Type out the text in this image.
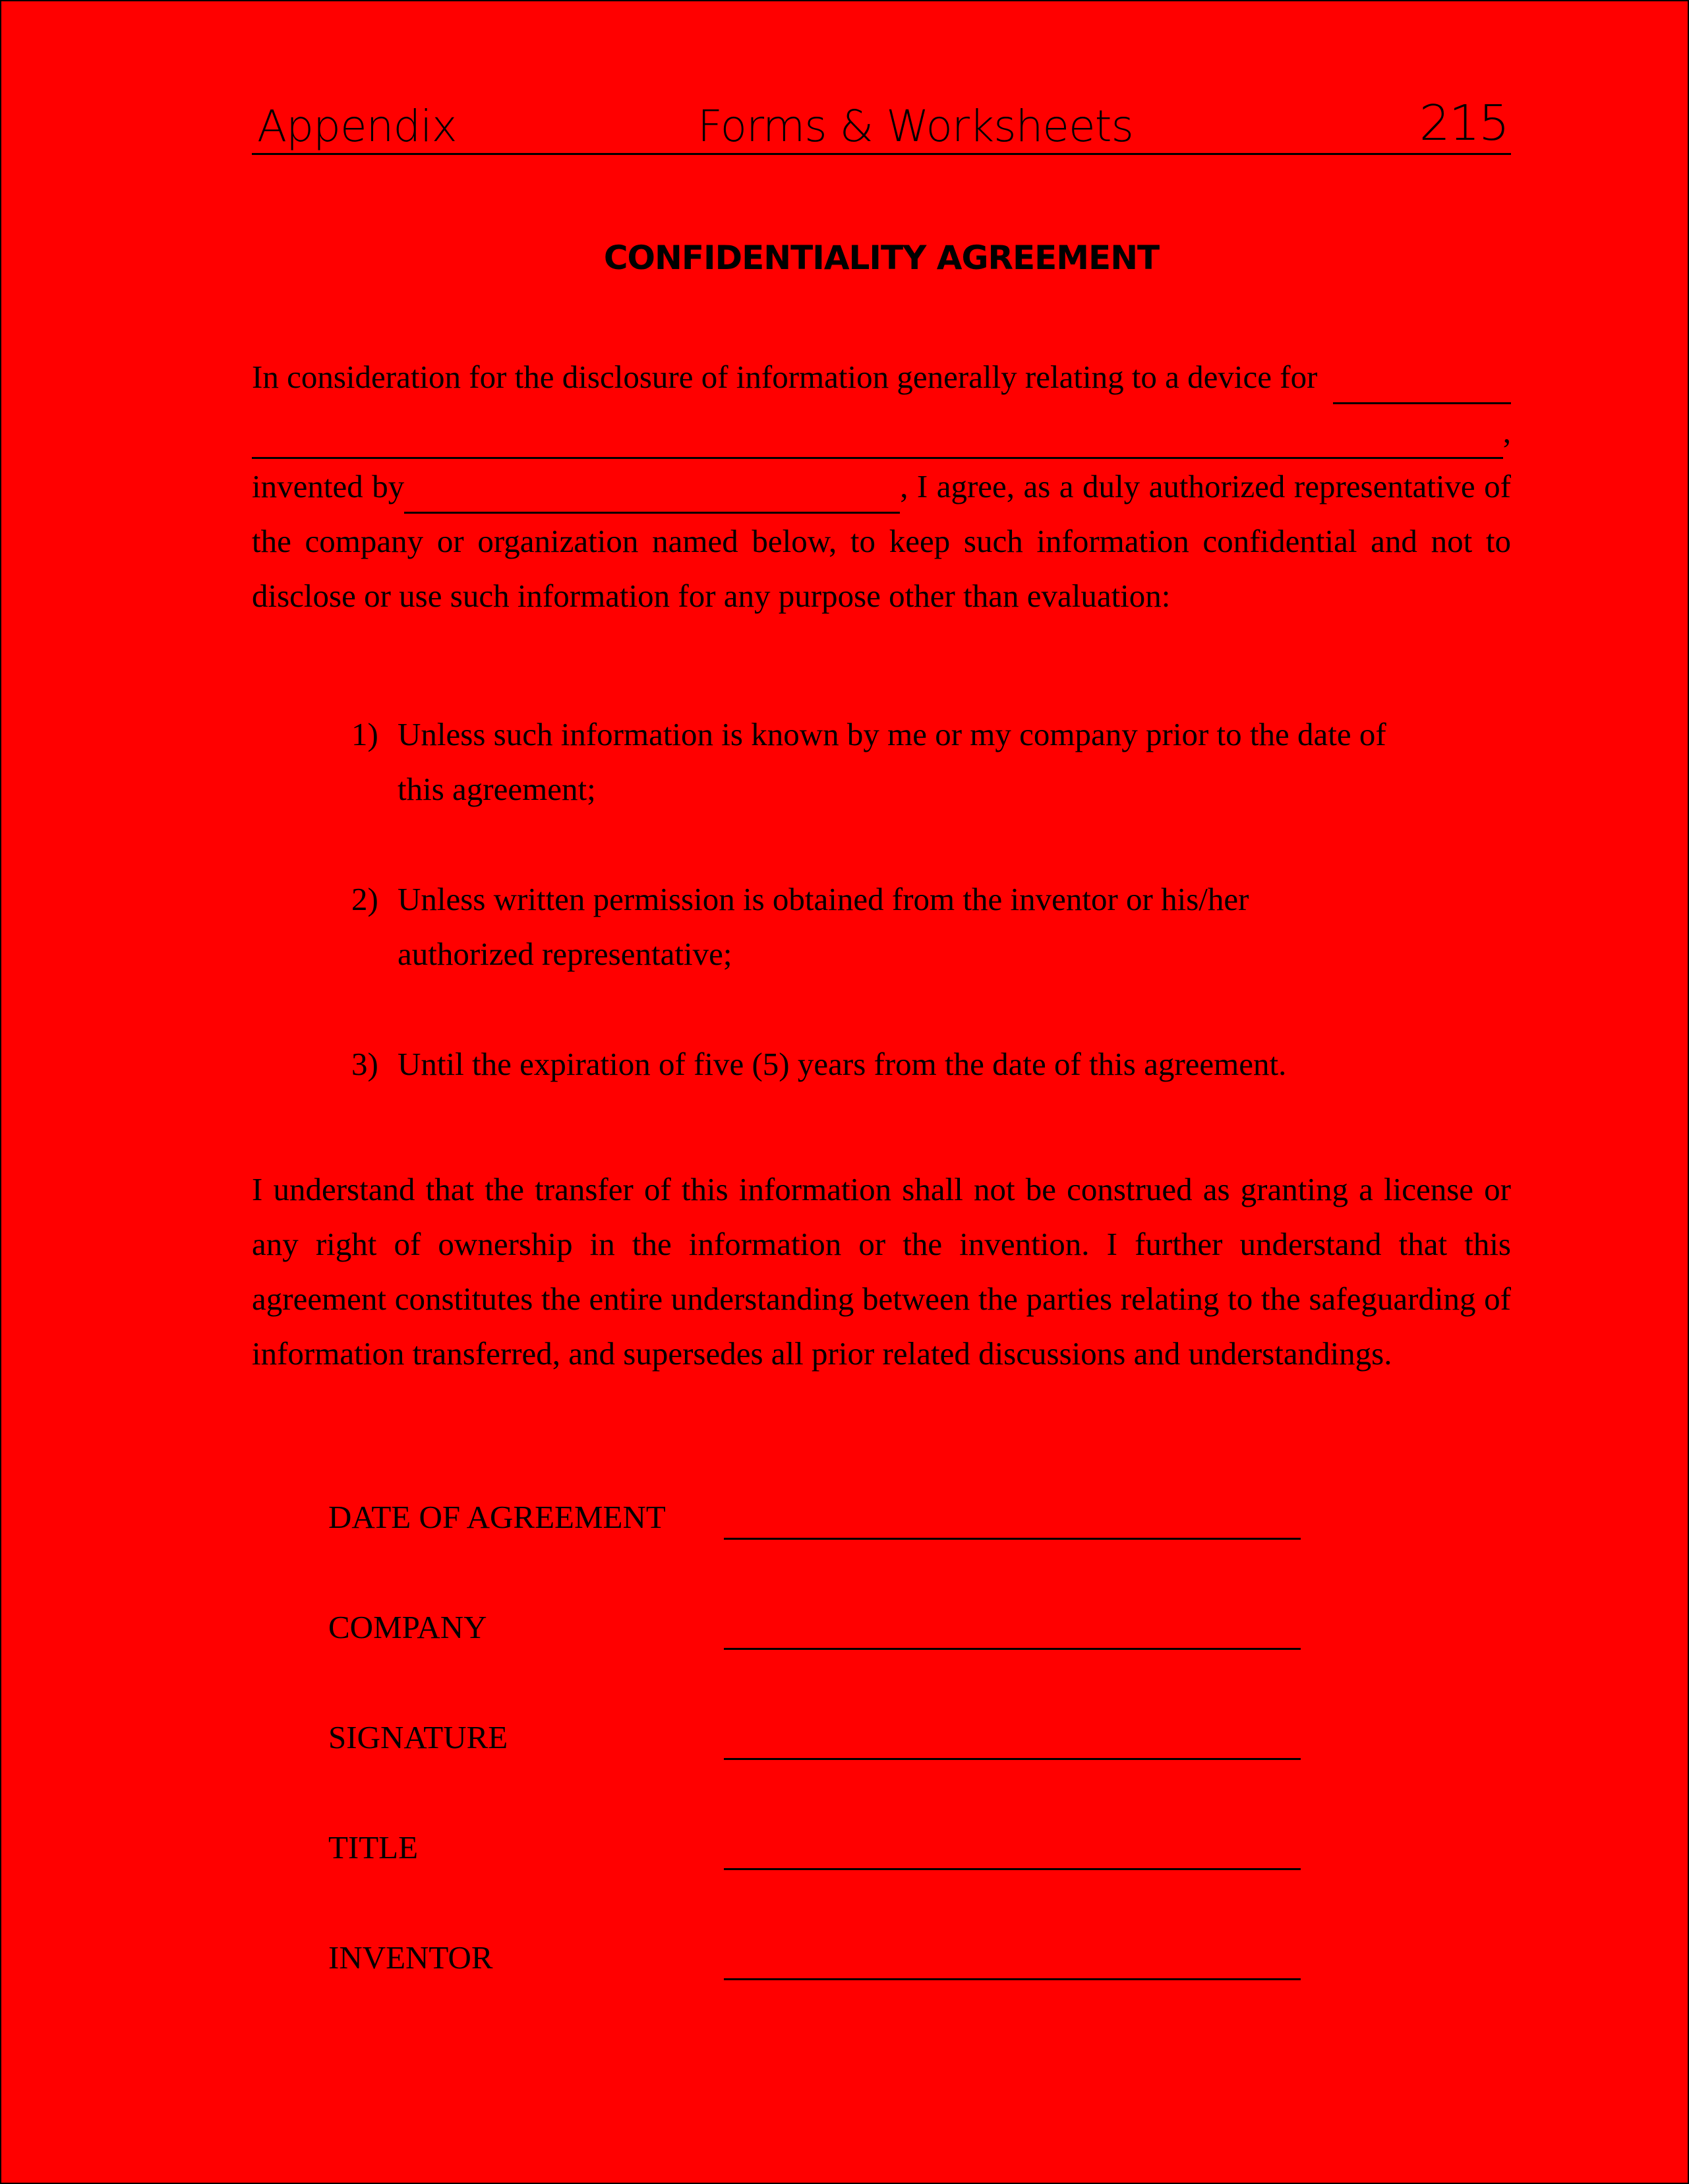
Appendix	Forms & Worksheets	215
CONFIDENTIALITY AGREEMENT
In consideration for the disclosure of information generally relating to a device for
,
invented by	, I agree, as a duly authorized representative of the company or organization named below, to keep such information confidential and not to disclose or use such information for any purpose other than evaluation:
1) Unless such information is known by me or my company prior to the date of this agreement;
2) Unless written permission is obtained from the inventor or his/her authorized representative;
3) Until the expiration of five (5) years from the date of this agreement.
I understand that the transfer of this information shall not be construed as granting a license or any right of ownership in the information or the invention. I further understand that this agreement constitutes the entire understanding between the parties relating to the safeguarding of information transferred, and supersedes all prior related discussions and understandings.
DATE OF AGREEMENT
COMPANY
SIGNATURE
TITLE
INVENTOR
